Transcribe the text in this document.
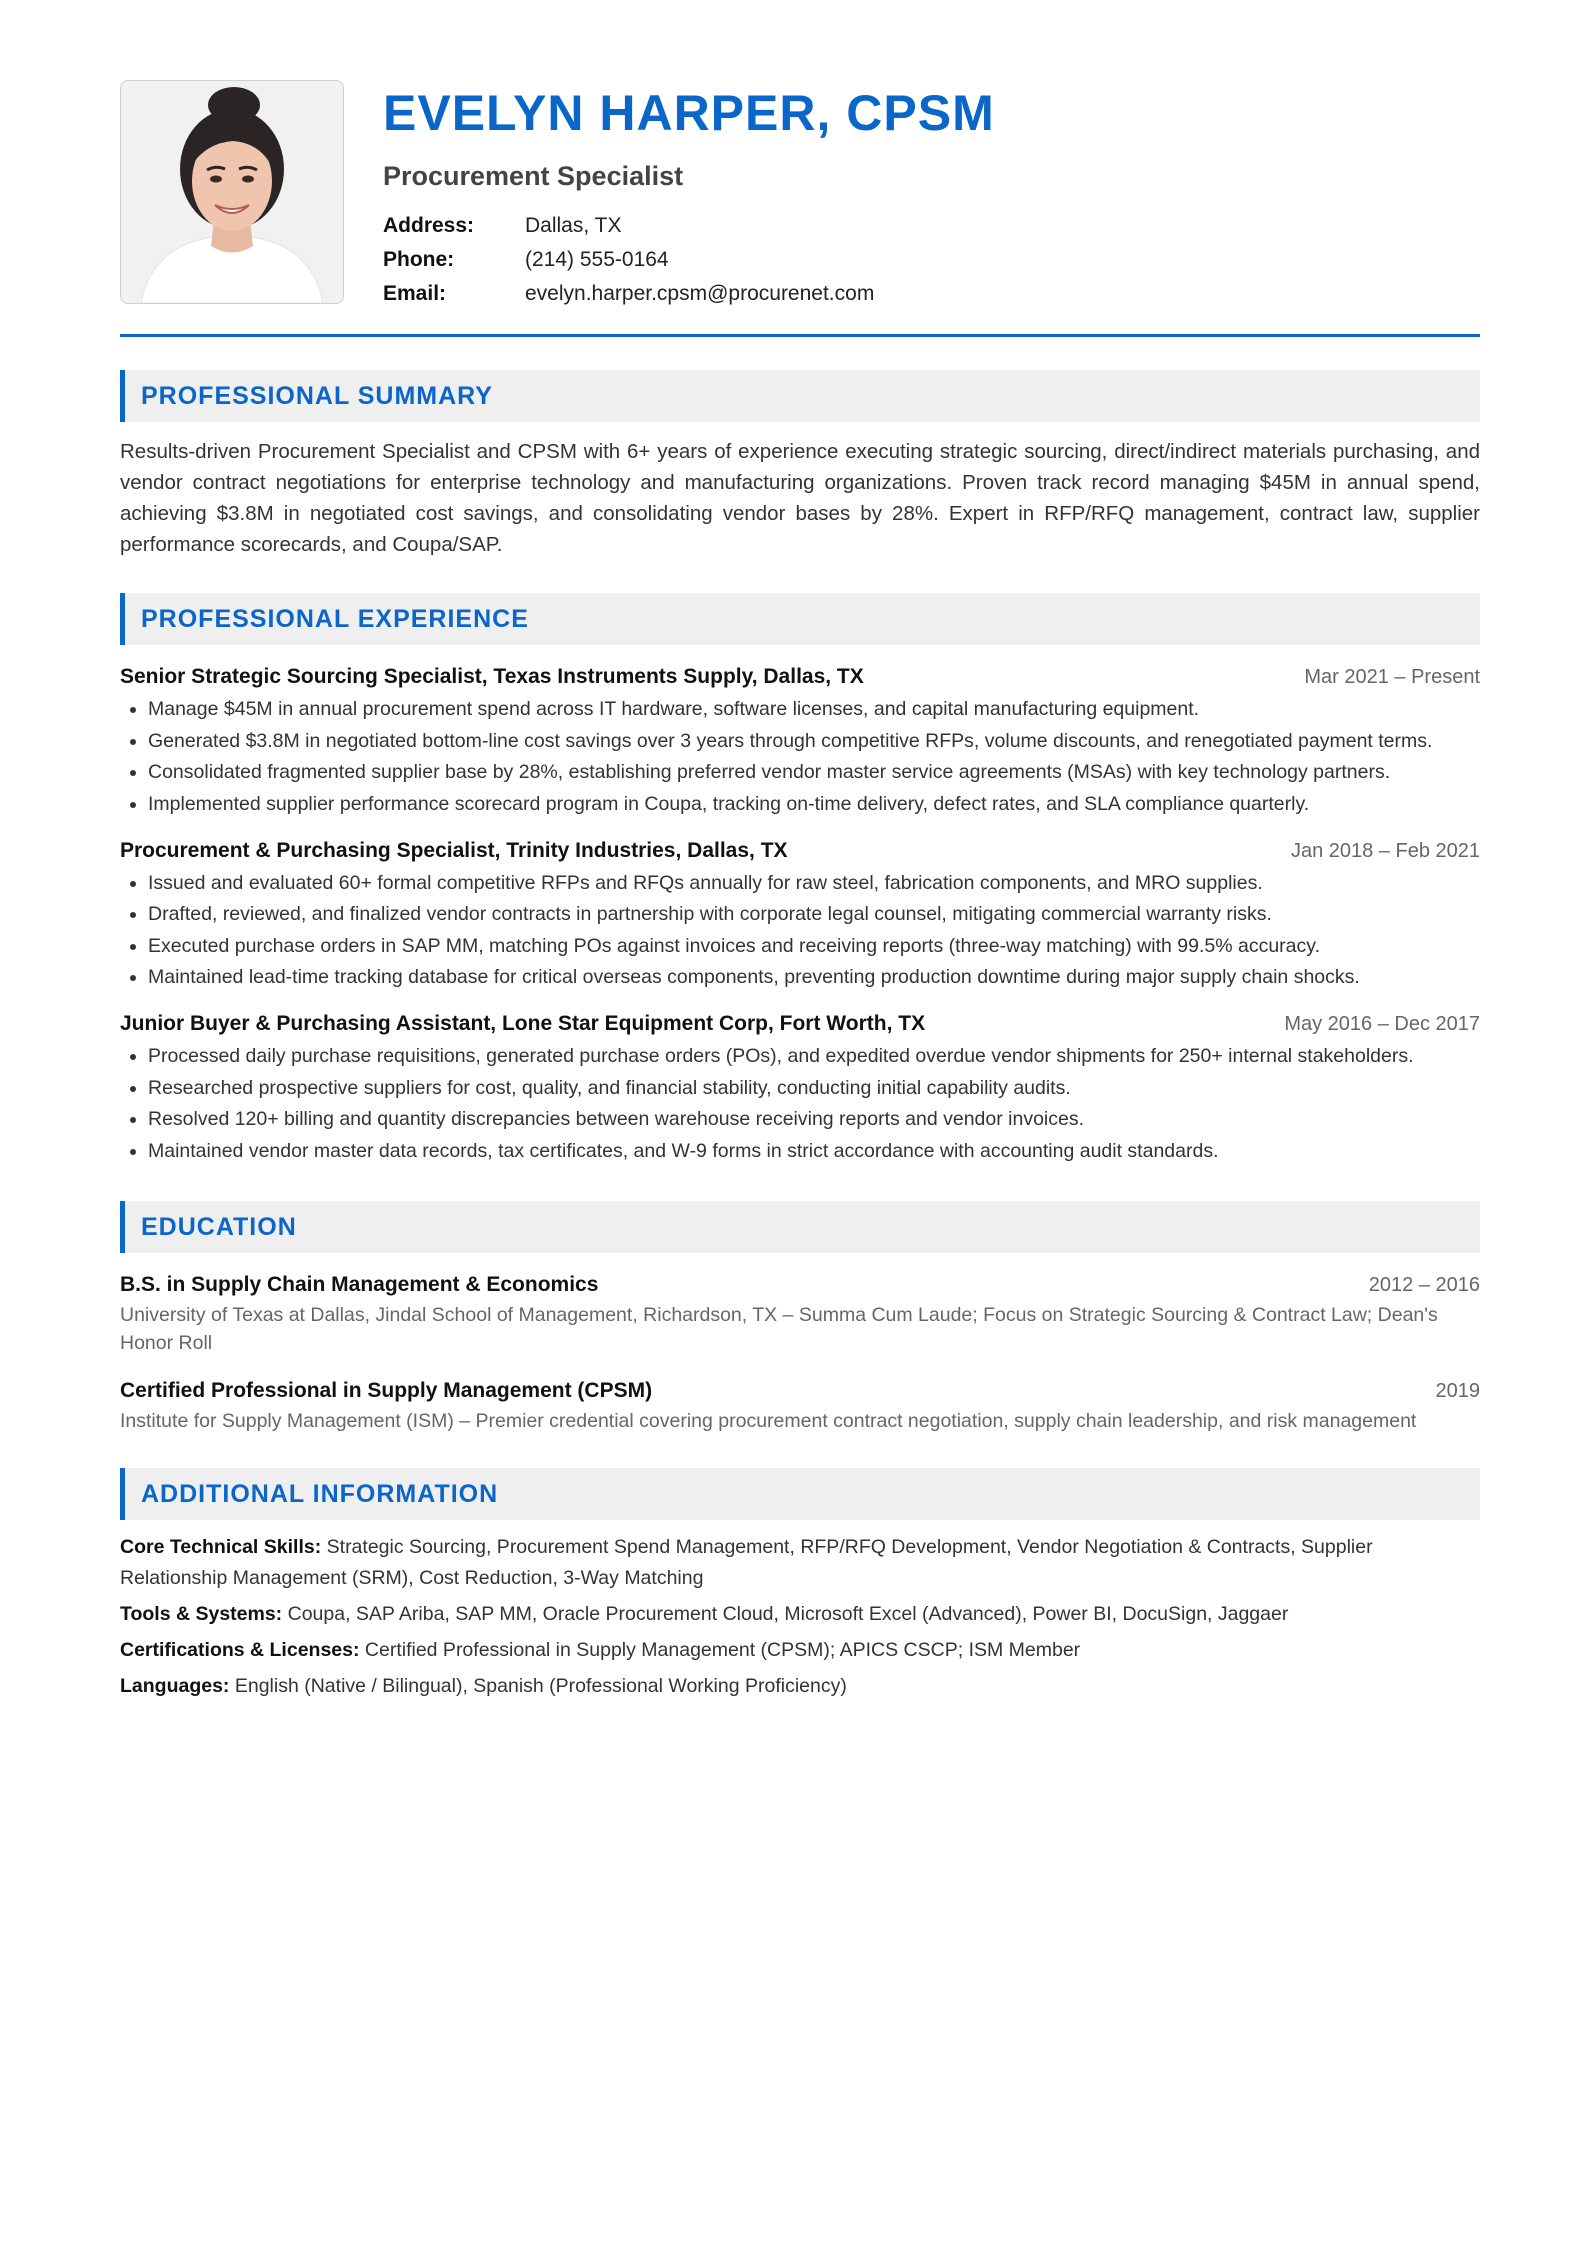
EVELYN HARPER, CPSM
Procurement Specialist
Address:	Dallas, TX
Phone:	(214) 555-0164
Email:	evelyn.harper.cpsm@procurenet.com
PROFESSIONAL SUMMARY
Results-driven Procurement Specialist and CPSM with 6+ years of experience executing strategic sourcing, direct/indirect materials purchasing, and vendor contract negotiations for enterprise technology and manufacturing organizations. Proven track record managing $45M in annual spend, achieving $3.8M in negotiated cost savings, and consolidating vendor bases by 28%. Expert in RFP/RFQ management, contract law, supplier performance scorecards, and Coupa/SAP.
PROFESSIONAL EXPERIENCE
Senior Strategic Sourcing Specialist, Texas Instruments Supply, Dallas, TX	Mar 2021 – Present
• Manage $45M in annual procurement spend across IT hardware, software licenses, and capital manufacturing equipment.
• Generated $3.8M in negotiated bottom-line cost savings over 3 years through competitive RFPs, volume discounts, and renegotiated payment terms.
• Consolidated fragmented supplier base by 28%, establishing preferred vendor master service agreements (MSAs) with key technology partners.
• Implemented supplier performance scorecard program in Coupa, tracking on-time delivery, defect rates, and SLA compliance quarterly.
Procurement & Purchasing Specialist, Trinity Industries, Dallas, TX	Jan 2018 – Feb 2021
• Issued and evaluated 60+ formal competitive RFPs and RFQs annually for raw steel, fabrication components, and MRO supplies.
• Drafted, reviewed, and finalized vendor contracts in partnership with corporate legal counsel, mitigating commercial warranty risks.
• Executed purchase orders in SAP MM, matching POs against invoices and receiving reports (three-way matching) with 99.5% accuracy.
• Maintained lead-time tracking database for critical overseas components, preventing production downtime during major supply chain shocks.
Junior Buyer & Purchasing Assistant, Lone Star Equipment Corp, Fort Worth, TX	May 2016 – Dec 2017
• Processed daily purchase requisitions, generated purchase orders (POs), and expedited overdue vendor shipments for 250+ internal stakeholders.
• Researched prospective suppliers for cost, quality, and financial stability, conducting initial capability audits.
• Resolved 120+ billing and quantity discrepancies between warehouse receiving reports and vendor invoices.
• Maintained vendor master data records, tax certificates, and W-9 forms in strict accordance with accounting audit standards.
EDUCATION
B.S. in Supply Chain Management & Economics	2012 – 2016
University of Texas at Dallas, Jindal School of Management, Richardson, TX – Summa Cum Laude; Focus on Strategic Sourcing & Contract Law; Dean's Honor Roll
Certified Professional in Supply Management (CPSM)	2019
Institute for Supply Management (ISM) – Premier credential covering procurement contract negotiation, supply chain leadership, and risk management
ADDITIONAL INFORMATION
Core Technical Skills: Strategic Sourcing, Procurement Spend Management, RFP/RFQ Development, Vendor Negotiation & Contracts, Supplier Relationship Management (SRM), Cost Reduction, 3-Way Matching
Tools & Systems: Coupa, SAP Ariba, SAP MM, Oracle Procurement Cloud, Microsoft Excel (Advanced), Power BI, DocuSign, Jaggaer
Certifications & Licenses: Certified Professional in Supply Management (CPSM); APICS CSCP; ISM Member
Languages: English (Native / Bilingual), Spanish (Professional Working Proficiency)
